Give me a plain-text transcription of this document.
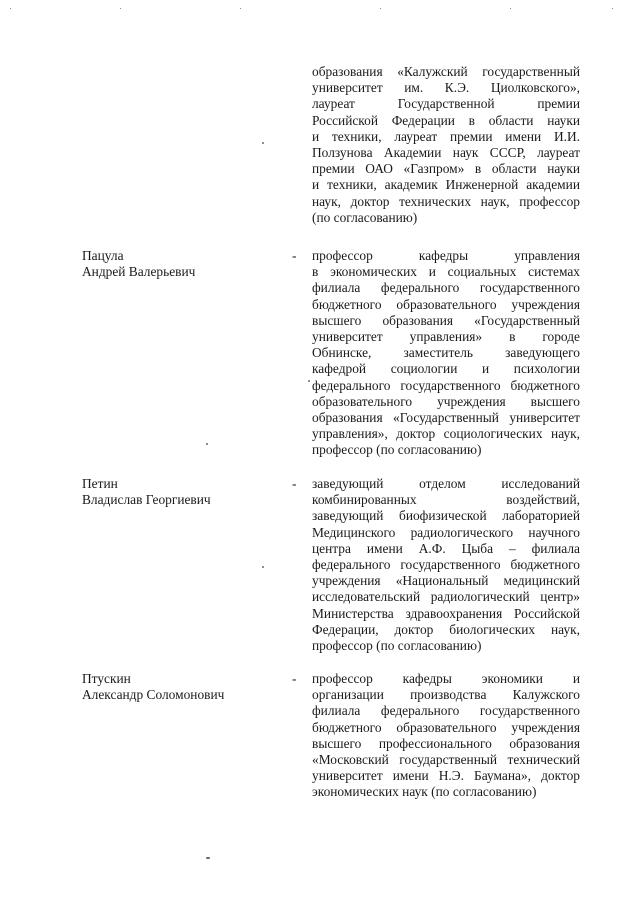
образования «Калужский государственный
университет им. К.Э. Циолковского»,
лауреат Государственной премии
Российской Федерации в области науки
и техники, лауреат премии имени И.И.
Ползунова Академии наук СССР, лауреат
премии ОАО «Газпром» в области науки
и техники, академик Инженерной академии
наук, доктор технических наук, профессор
(по согласованию)
Пацула
Андрей Валерьевич
- профессор кафедры управления
в экономических и социальных системах
филиала федерального государственного
бюджетного образовательного учреждения
высшего образования «Государственный
университет управления» в городе
Обнинске, заместитель заведующего
кафедрой социологии и психологии
федерального государственного бюджетного
образовательного учреждения высшего
образования «Государственный университет
управления», доктор социологических наук,
профессор (по согласованию)
Петин
Владислав Георгиевич
- заведующий отделом исследований
комбинированных воздействий,
заведующий биофизической лабораторией
Медицинского радиологического научного
центра имени А.Ф. Цыба – филиала
федерального государственного бюджетного
учреждения «Национальный медицинский
исследовательский радиологический центр»
Министерства здравоохранения Российской
Федерации, доктор биологических наук,
профессор (по согласованию)
Птускин
Александр Соломонович
- профессор кафедры экономики и
организации производства Калужского
филиала федерального государственного
бюджетного образовательного учреждения
высшего профессионального образования
«Московский государственный технический
университет имени Н.Э. Баумана», доктор
экономических наук (по согласованию)
